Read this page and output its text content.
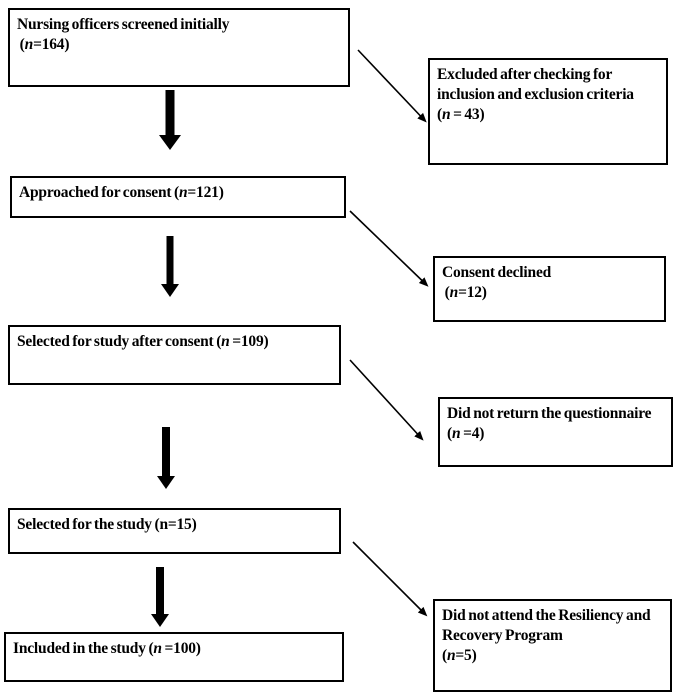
Nursing officers screened initially
(n=164)
Approached for consent (n=121)
Selected for study after consent (n =109)
Selected for the study (n=15)
Included in the study (n =100)
Excluded after checking for
inclusion and exclusion criteria
(n = 43)
Consent declined
(n=12)
Did not return the questionnaire
(n =4)
Did not attend the Resiliency and
Recovery Program
(n=5)
